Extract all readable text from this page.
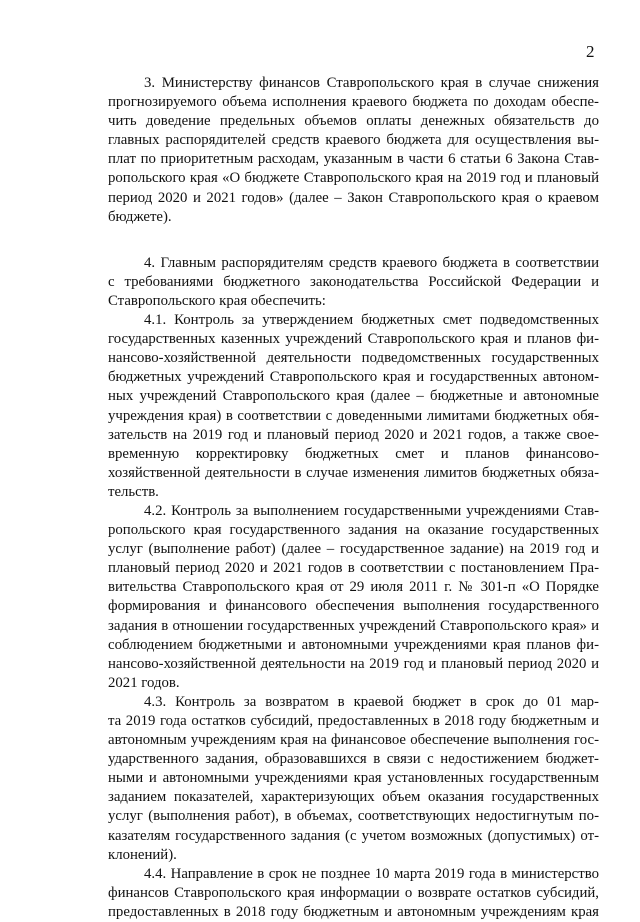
2
3. Министерству финансов Ставропольского края в случае снижения
прогнозируемого объема исполнения краевого бюджета по доходам обеспе-
чить доведение предельных объемов оплаты денежных обязательств до
главных распорядителей средств краевого бюджета для осуществления вы-
плат по приоритетным расходам, указанным в части 6 статьи 6 Закона Став-
ропольского края «О бюджете Ставропольского края на 2019 год и плановый
период 2020 и 2021 годов» (далее – Закон Ставропольского края о краевом
бюджете).
4. Главным распорядителям средств краевого бюджета в соответствии
с требованиями бюджетного законодательства Российской Федерации и
Ставропольского края обеспечить:
4.1. Контроль за утверждением бюджетных смет подведомственных
государственных казенных учреждений Ставропольского края и планов фи-
нансово-хозяйственной деятельности подведомственных государственных
бюджетных учреждений Ставропольского края и государственных автоном-
ных учреждений Ставропольского края (далее – бюджетные и автономные
учреждения края) в соответствии с доведенными лимитами бюджетных обя-
зательств на 2019 год и плановый период 2020 и 2021 годов, а также свое-
временную корректировку бюджетных смет и планов финансово-
хозяйственной деятельности в случае изменения лимитов бюджетных обяза-
тельств.
4.2. Контроль за выполнением государственными учреждениями Став-
ропольского края государственного задания на оказание государственных
услуг (выполнение работ) (далее – государственное задание) на 2019 год и
плановый период 2020 и 2021 годов в соответствии с постановлением Пра-
вительства Ставропольского края от 29 июля 2011 г. № 301-п «О Порядке
формирования и финансового обеспечения выполнения государственного
задания в отношении государственных учреждений Ставропольского края» и
соблюдением бюджетными и автономными учреждениями края планов фи-
нансово-хозяйственной деятельности на 2019 год и плановый период 2020 и
2021 годов.
4.3. Контроль за возвратом в краевой бюджет в срок до 01 мар-
та 2019 года остатков субсидий, предоставленных в 2018 году бюджетным и
автономным учреждениям края на финансовое обеспечение выполнения гос-
ударственного задания, образовавшихся в связи с недостижением бюджет-
ными и автономными учреждениями края установленных государственным
заданием показателей, характеризующих объем оказания государственных
услуг (выполнения работ), в объемах, соответствующих недостигнутым по-
казателям государственного задания (с учетом возможных (допустимых) от-
клонений).
4.4. Направление в срок не позднее 10 марта 2019 года в министерство
финансов Ставропольского края информации о возврате остатков субсидий,
предоставленных в 2018 году бюджетным и автономным учреждениям края
